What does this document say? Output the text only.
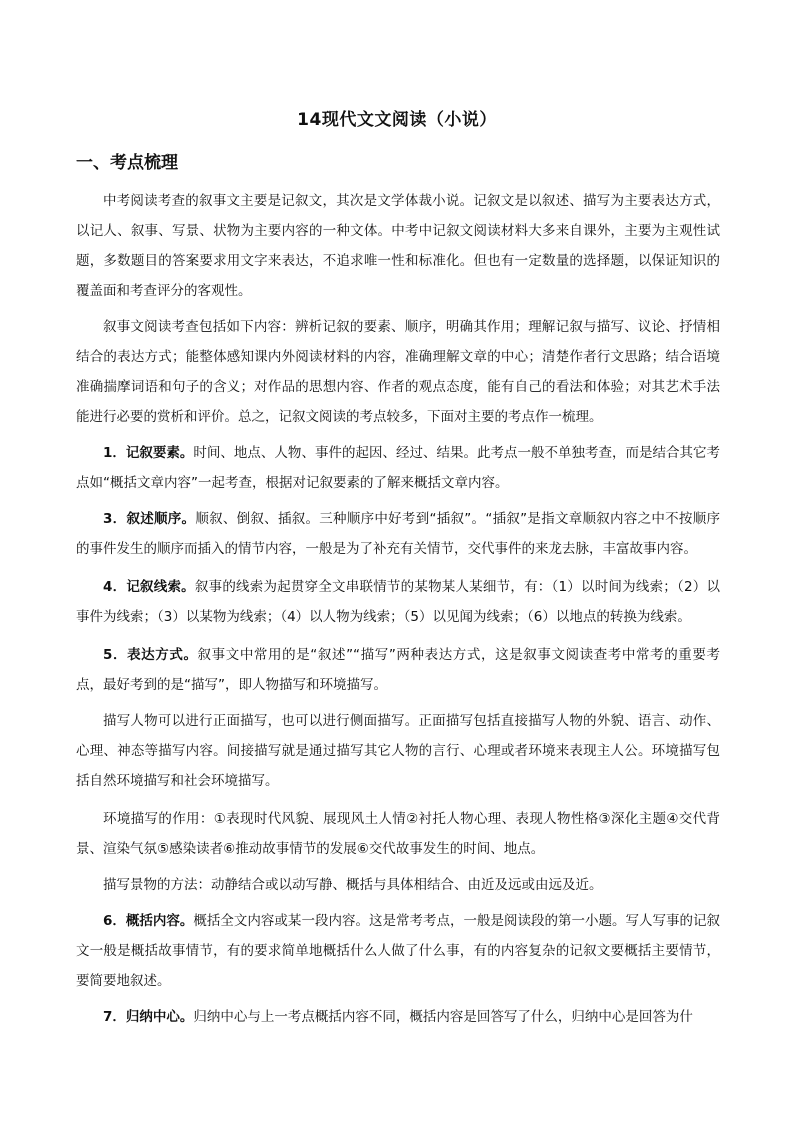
14现代文文阅读（小说）
一、考点梳理

中考阅读考查的叙事文主要是记叙文，其次是文学体裁小说。记叙文是以叙述、描写为主要表达方式，以记人、叙事、写景、状物为主要内容的一种文体。中考中记叙文阅读材料大多来自课外，主要为主观性试题，多数题目的答案要求用文字来表达，不追求唯一性和标准化。但也有一定数量的选择题，以保证知识的覆盖面和考查评分的客观性。

叙事文阅读考查包括如下内容：辨析记叙的要素、顺序，明确其作用；理解记叙与描写、议论、抒情相结合的表达方式；能整体感知课内外阅读材料的内容，准确理解文章的中心；清楚作者行文思路；结合语境准确揣摩词语和句子的含义；对作品的思想内容、作者的观点态度，能有自己的看法和体验；对其艺术手法能进行必要的赏析和评价。总之，记叙文阅读的考点较多，下面对主要的考点作一梳理。

1．记叙要素。时间、地点、人物、事件的起因、经过、结果。此考点一般不单独考查，而是结合其它考点如“概括文章内容”一起考查，根据对记叙要素的了解来概括文章内容。

3．叙述顺序。顺叙、倒叙、插叙。三种顺序中好考到“插叙”。“插叙”是指文章顺叙内容之中不按顺序的事件发生的顺序而插入的情节内容，一般是为了补充有关情节，交代事件的来龙去脉，丰富故事内容。

4．记叙线索。叙事的线索为起贯穿全文串联情节的某物某人某细节，有：（1）以时间为线索；（2）以事件为线索；（3）以某物为线索；（4）以人物为线索；（5）以见闻为线索；（6）以地点的转换为线索。

5．表达方式。叙事文中常用的是“叙述”“描写”两种表达方式，这是叙事文阅读查考中常考的重要考点，最好考到的是“描写”，即人物描写和环境描写。

描写人物可以进行正面描写，也可以进行侧面描写。正面描写包括直接描写人物的外貌、语言、动作、心理、神态等描写内容。间接描写就是通过描写其它人物的言行、心理或者环境来表现主人公。环境描写包括自然环境描写和社会环境描写。

环境描写的作用：①表现时代风貌、展现风土人情②衬托人物心理、表现人物性格③深化主题④交代背景、渲染气氛⑤感染读者⑥推动故事情节的发展⑥交代故事发生的时间、地点。

描写景物的方法：动静结合或以动写静、概括与具体相结合、由近及远或由远及近。

6．概括内容。概括全文内容或某一段内容。这是常考考点，一般是阅读段的第一小题。写人写事的记叙文一般是概括故事情节，有的要求简单地概括什么人做了什么事，有的内容复杂的记叙文要概括主要情节，要简要地叙述。

7．归纳中心。归纳中心与上一考点概括内容不同，概括内容是回答写了什么，归纳中心是回答为什
